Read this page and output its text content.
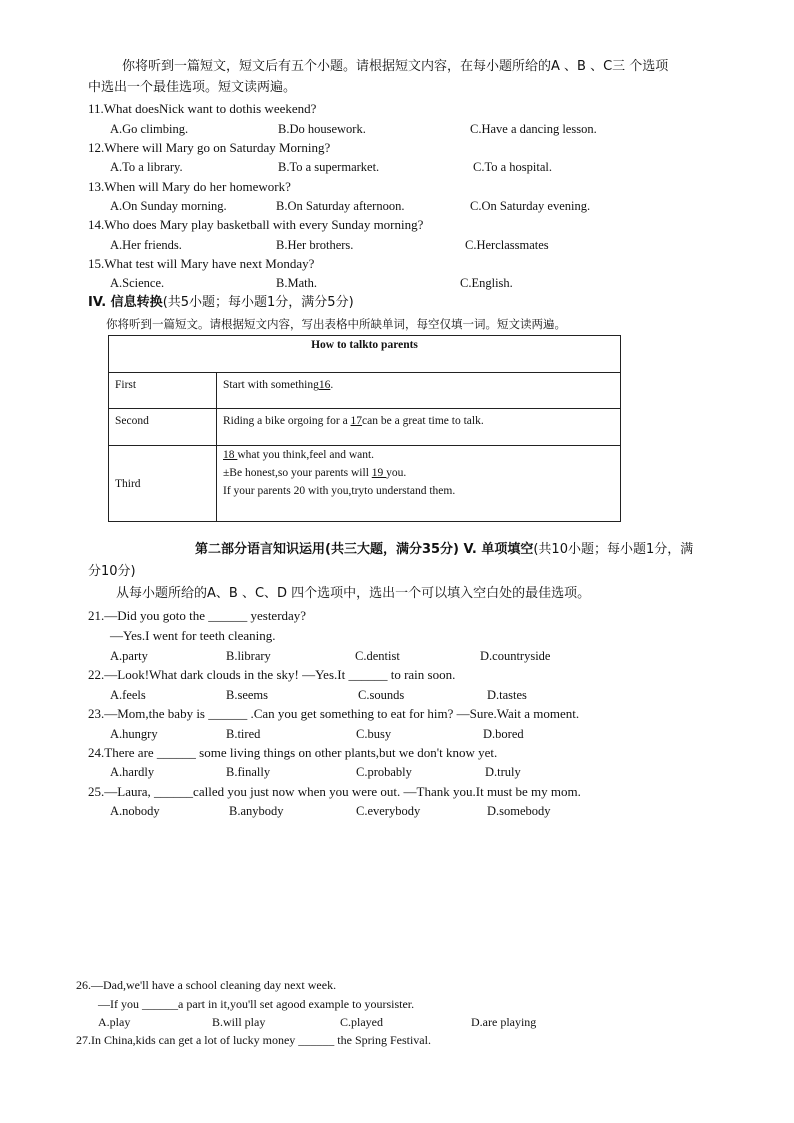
你将听到一篇短文，短文后有五个小题。请根据短文内容，在每小题所给的A 、B 、C三 个选项
中选出一个最佳选项。短文读两遍。
11.What doesNick want to dothis weekend?
A.Go climbing.	B.Do housework.	C.Have a dancing lesson.
12.Where will Mary go on Saturday Morning?
A.To a library.	B.To a supermarket.	C.To a hospital.
13.When will Mary do her homework?
A.On Sunday morning.	B.On Saturday afternoon.	C.On Saturday evening.
14.Who does Mary play basketball with every Sunday morning?
A.Her friends.	B.Her brothers.	C.Herclassmates
15.What test will Mary have next Monday?
A.Science.	B.Math.	C.English.
IV. 信息转换(共5小题；每小题1分，满分5分)
你将听到一篇短文。请根据短文内容，写出表格中所缺单词，每空仅填一词。短文读两遍。
How to talkto parents	
First	Start with something16.
Second	Riding a bike orgoing for a 17can be a great time to talk.
Third	18 what you think,feel and want.
±Be honest,so your parents will 19 you.
If your parents 20 with you,tryto understand them.
第二部分语言知识运用(共三大题，满分35分) V. 单项填空(共10小题；每小题1分，满
分10分)
从每小题所给的A、B 、C、D 四个选项中，选出一个可以填入空白处的最佳选项。
21.—Did you goto the ______ yesterday?
—Yes.I went for teeth cleaning.
A.party	B.library	C.dentist	D.countryside
22.—Look!What dark clouds in the sky! —Yes.It ______ to rain soon.
A.feels	B.seems	C.sounds	D.tastes
23.—Mom,the baby is ______ .Can you get something to eat for him? —Sure.Wait a moment.
A.hungry	B.tired	C.busy	D.bored
24.There are ______ some living things on other plants,but we don't know yet.
A.hardly	B.finally	C.probably	D.truly
25.—Laura, ______called you just now when you were out. —Thank you.It must be my mom.
A.nobody	B.anybody	C.everybody	D.somebody
26.—Dad,we'll have a school cleaning day next week.
—If you ______a part in it,you'll set agood example to yoursister.
A.play	B.will play	C.played	D.are playing
27.In China,kids can get a lot of lucky money ______ the Spring Festival.
